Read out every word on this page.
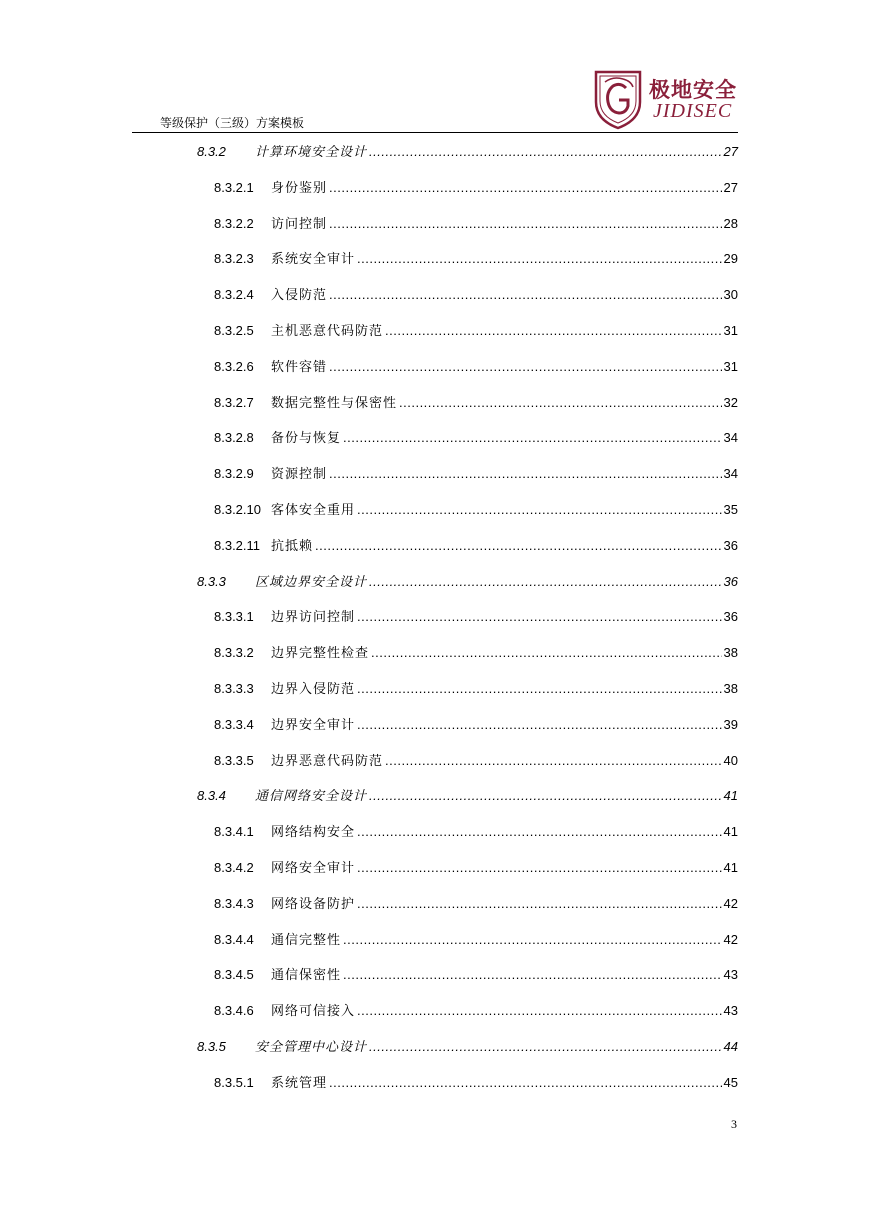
等级保护（三级）方案模板
极地安全
JIDISEC
8.3.2	计算环境安全设计 .....	27
8.3.2.1	身份鉴别 .....	27
8.3.2.2	访问控制 .....	28
8.3.2.3	系统安全审计 .....	29
8.3.2.4	入侵防范 .....	30
8.3.2.5	主机恶意代码防范 .....	31
8.3.2.6	软件容错 .....	31
8.3.2.7	数据完整性与保密性 .....	32
8.3.2.8	备份与恢复 .....	34
8.3.2.9	资源控制 .....	34
8.3.2.10 客体安全重用 .....	35
8.3.2.11 抗抵赖 .....	36
8.3.3	区域边界安全设计 .....	36
8.3.3.1	边界访问控制 .....	36
8.3.3.2	边界完整性检查 .....	38
8.3.3.3	边界入侵防范 .....	38
8.3.3.4	边界安全审计 .....	39
8.3.3.5	边界恶意代码防范 .....	40
8.3.4	通信网络安全设计 .....	41
8.3.4.1	网络结构安全 .....	41
8.3.4.2	网络安全审计 .....	41
8.3.4.3	网络设备防护 .....	42
8.3.4.4	通信完整性 .....	42
8.3.4.5	通信保密性 .....	43
8.3.4.6	网络可信接入 .....	43
8.3.5	安全管理中心设计 .....	44
8.3.5.1	系统管理 .....	45
3
